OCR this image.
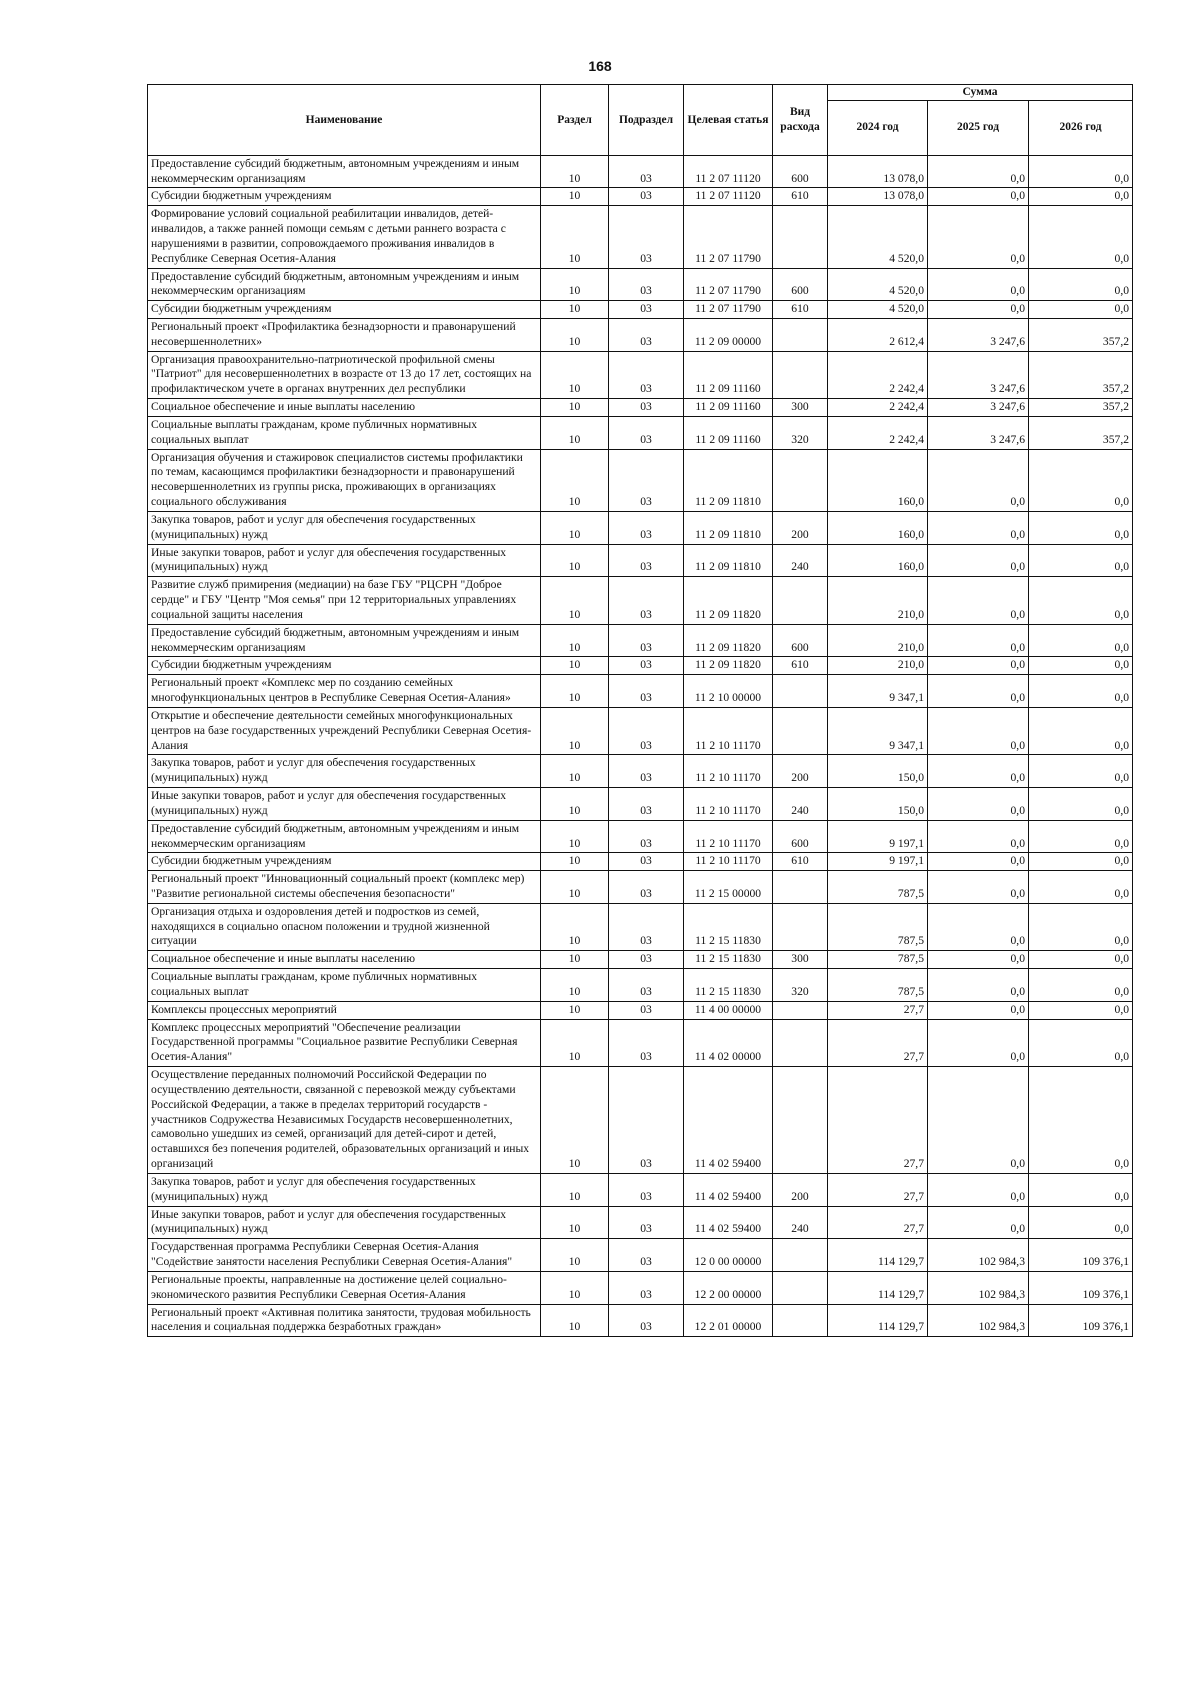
168
Наименование	Раздел	Подраздел	Целевая статья	Вид расхода	Сумма		
					2024 год	2025 год	2026 год
Предоставление субсидий бюджетным, автономным учреждениям и иным некоммерческим организациям	10	03	11 2 07 11120	600	13 078,0	0,0	0,0
Субсидии бюджетным учреждениям	10	03	11 2 07 11120	610	13 078,0	0,0	0,0
Формирование условий социальной реабилитации инвалидов, детей-инвалидов, а также ранней помощи семьям с детьми раннего возраста с нарушениями в развитии, сопровождаемого проживания инвалидов в Республике Северная Осетия-Алания	10	03	11 2 07 11790		4 520,0	0,0	0,0
Предоставление субсидий бюджетным, автономным учреждениям и иным некоммерческим организациям	10	03	11 2 07 11790	600	4 520,0	0,0	0,0
Субсидии бюджетным учреждениям	10	03	11 2 07 11790	610	4 520,0	0,0	0,0
Региональный проект «Профилактика безнадзорности и правонарушений несовершеннолетних»	10	03	11 2 09 00000		2 612,4	3 247,6	357,2
Организация правоохранительно-патриотической профильной смены "Патриот" для несовершеннолетних в возрасте от 13 до 17 лет, состоящих на профилактическом учете в органах внутренних дел республики	10	03	11 2 09 11160		2 242,4	3 247,6	357,2
Социальное обеспечение и иные выплаты населению	10	03	11 2 09 11160	300	2 242,4	3 247,6	357,2
Социальные выплаты гражданам, кроме публичных нормативных социальных выплат	10	03	11 2 09 11160	320	2 242,4	3 247,6	357,2
Организация обучения и стажировок специалистов системы профилактики по темам, касающимся профилактики безнадзорности и правонарушений несовершеннолетних из группы риска, проживающих в организациях социального обслуживания	10	03	11 2 09 11810		160,0	0,0	0,0
Закупка товаров, работ и услуг для обеспечения государственных (муниципальных) нужд	10	03	11 2 09 11810	200	160,0	0,0	0,0
Иные закупки товаров, работ и услуг для обеспечения государственных (муниципальных) нужд	10	03	11 2 09 11810	240	160,0	0,0	0,0
Развитие служб примирения (медиации) на базе ГБУ "РЦСРН "Доброе сердце" и ГБУ "Центр "Моя семья" при 12 территориальных управлениях социальной защиты населения	10	03	11 2 09 11820		210,0	0,0	0,0
Предоставление субсидий бюджетным, автономным учреждениям и иным некоммерческим организациям	10	03	11 2 09 11820	600	210,0	0,0	0,0
Субсидии бюджетным учреждениям	10	03	11 2 09 11820	610	210,0	0,0	0,0
Региональный проект «Комплекс мер по созданию семейных многофункциональных центров в Республике Северная Осетия-Алания»	10	03	11 2 10 00000		9 347,1	0,0	0,0
Открытие и обеспечение деятельности семейных многофункциональных центров на базе государственных учреждений Республики Северная Осетия-Алания	10	03	11 2 10 11170		9 347,1	0,0	0,0
Закупка товаров, работ и услуг для обеспечения государственных (муниципальных) нужд	10	03	11 2 10 11170	200	150,0	0,0	0,0
Иные закупки товаров, работ и услуг для обеспечения государственных (муниципальных) нужд	10	03	11 2 10 11170	240	150,0	0,0	0,0
Предоставление субсидий бюджетным, автономным учреждениям и иным некоммерческим организациям	10	03	11 2 10 11170	600	9 197,1	0,0	0,0
Субсидии бюджетным учреждениям	10	03	11 2 10 11170	610	9 197,1	0,0	0,0
Региональный проект "Инновационный социальный проект (комплекс мер) "Развитие региональной системы обеспечения безопасности"	10	03	11 2 15 00000		787,5	0,0	0,0
Организация отдыха и оздоровления детей и подростков из семей, находящихся в социально опасном положении и трудной жизненной ситуации	10	03	11 2 15 11830		787,5	0,0	0,0
Социальное обеспечение и иные выплаты населению	10	03	11 2 15 11830	300	787,5	0,0	0,0
Социальные выплаты гражданам, кроме публичных нормативных социальных выплат	10	03	11 2 15 11830	320	787,5	0,0	0,0
Комплексы процессных мероприятий	10	03	11 4 00 00000		27,7	0,0	0,0
Комплекс процессных мероприятий "Обеспечение реализации Государственной программы "Социальное развитие Республики Северная Осетия-Алания"	10	03	11 4 02 00000		27,7	0,0	0,0
Осуществление переданных полномочий Российской Федерации по осуществлению деятельности, связанной с перевозкой между субъектами Российской Федерации, а также в пределах территорий государств - участников Содружества Независимых Государств несовершеннолетних, самовольно ушедших из семей, организаций для детей-сирот и детей, оставшихся без попечения родителей, образовательных организаций и иных организаций	10	03	11 4 02 59400		27,7	0,0	0,0
Закупка товаров, работ и услуг для обеспечения государственных (муниципальных) нужд	10	03	11 4 02 59400	200	27,7	0,0	0,0
Иные закупки товаров, работ и услуг для обеспечения государственных (муниципальных) нужд	10	03	11 4 02 59400	240	27,7	0,0	0,0
Государственная программа Республики Северная Осетия-Алания "Содействие занятости населения Республики Северная Осетия-Алания"	10	03	12 0 00 00000		114 129,7	102 984,3	109 376,1
Региональные проекты, направленные на достижение целей социально-экономического развития Республики Северная Осетия-Алания	10	03	12 2 00 00000		114 129,7	102 984,3	109 376,1
Региональный проект «Активная политика занятости, трудовая мобильность населения и социальная поддержка безработных граждан»	10	03	12 2 01 00000		114 129,7	102 984,3	109 376,1
